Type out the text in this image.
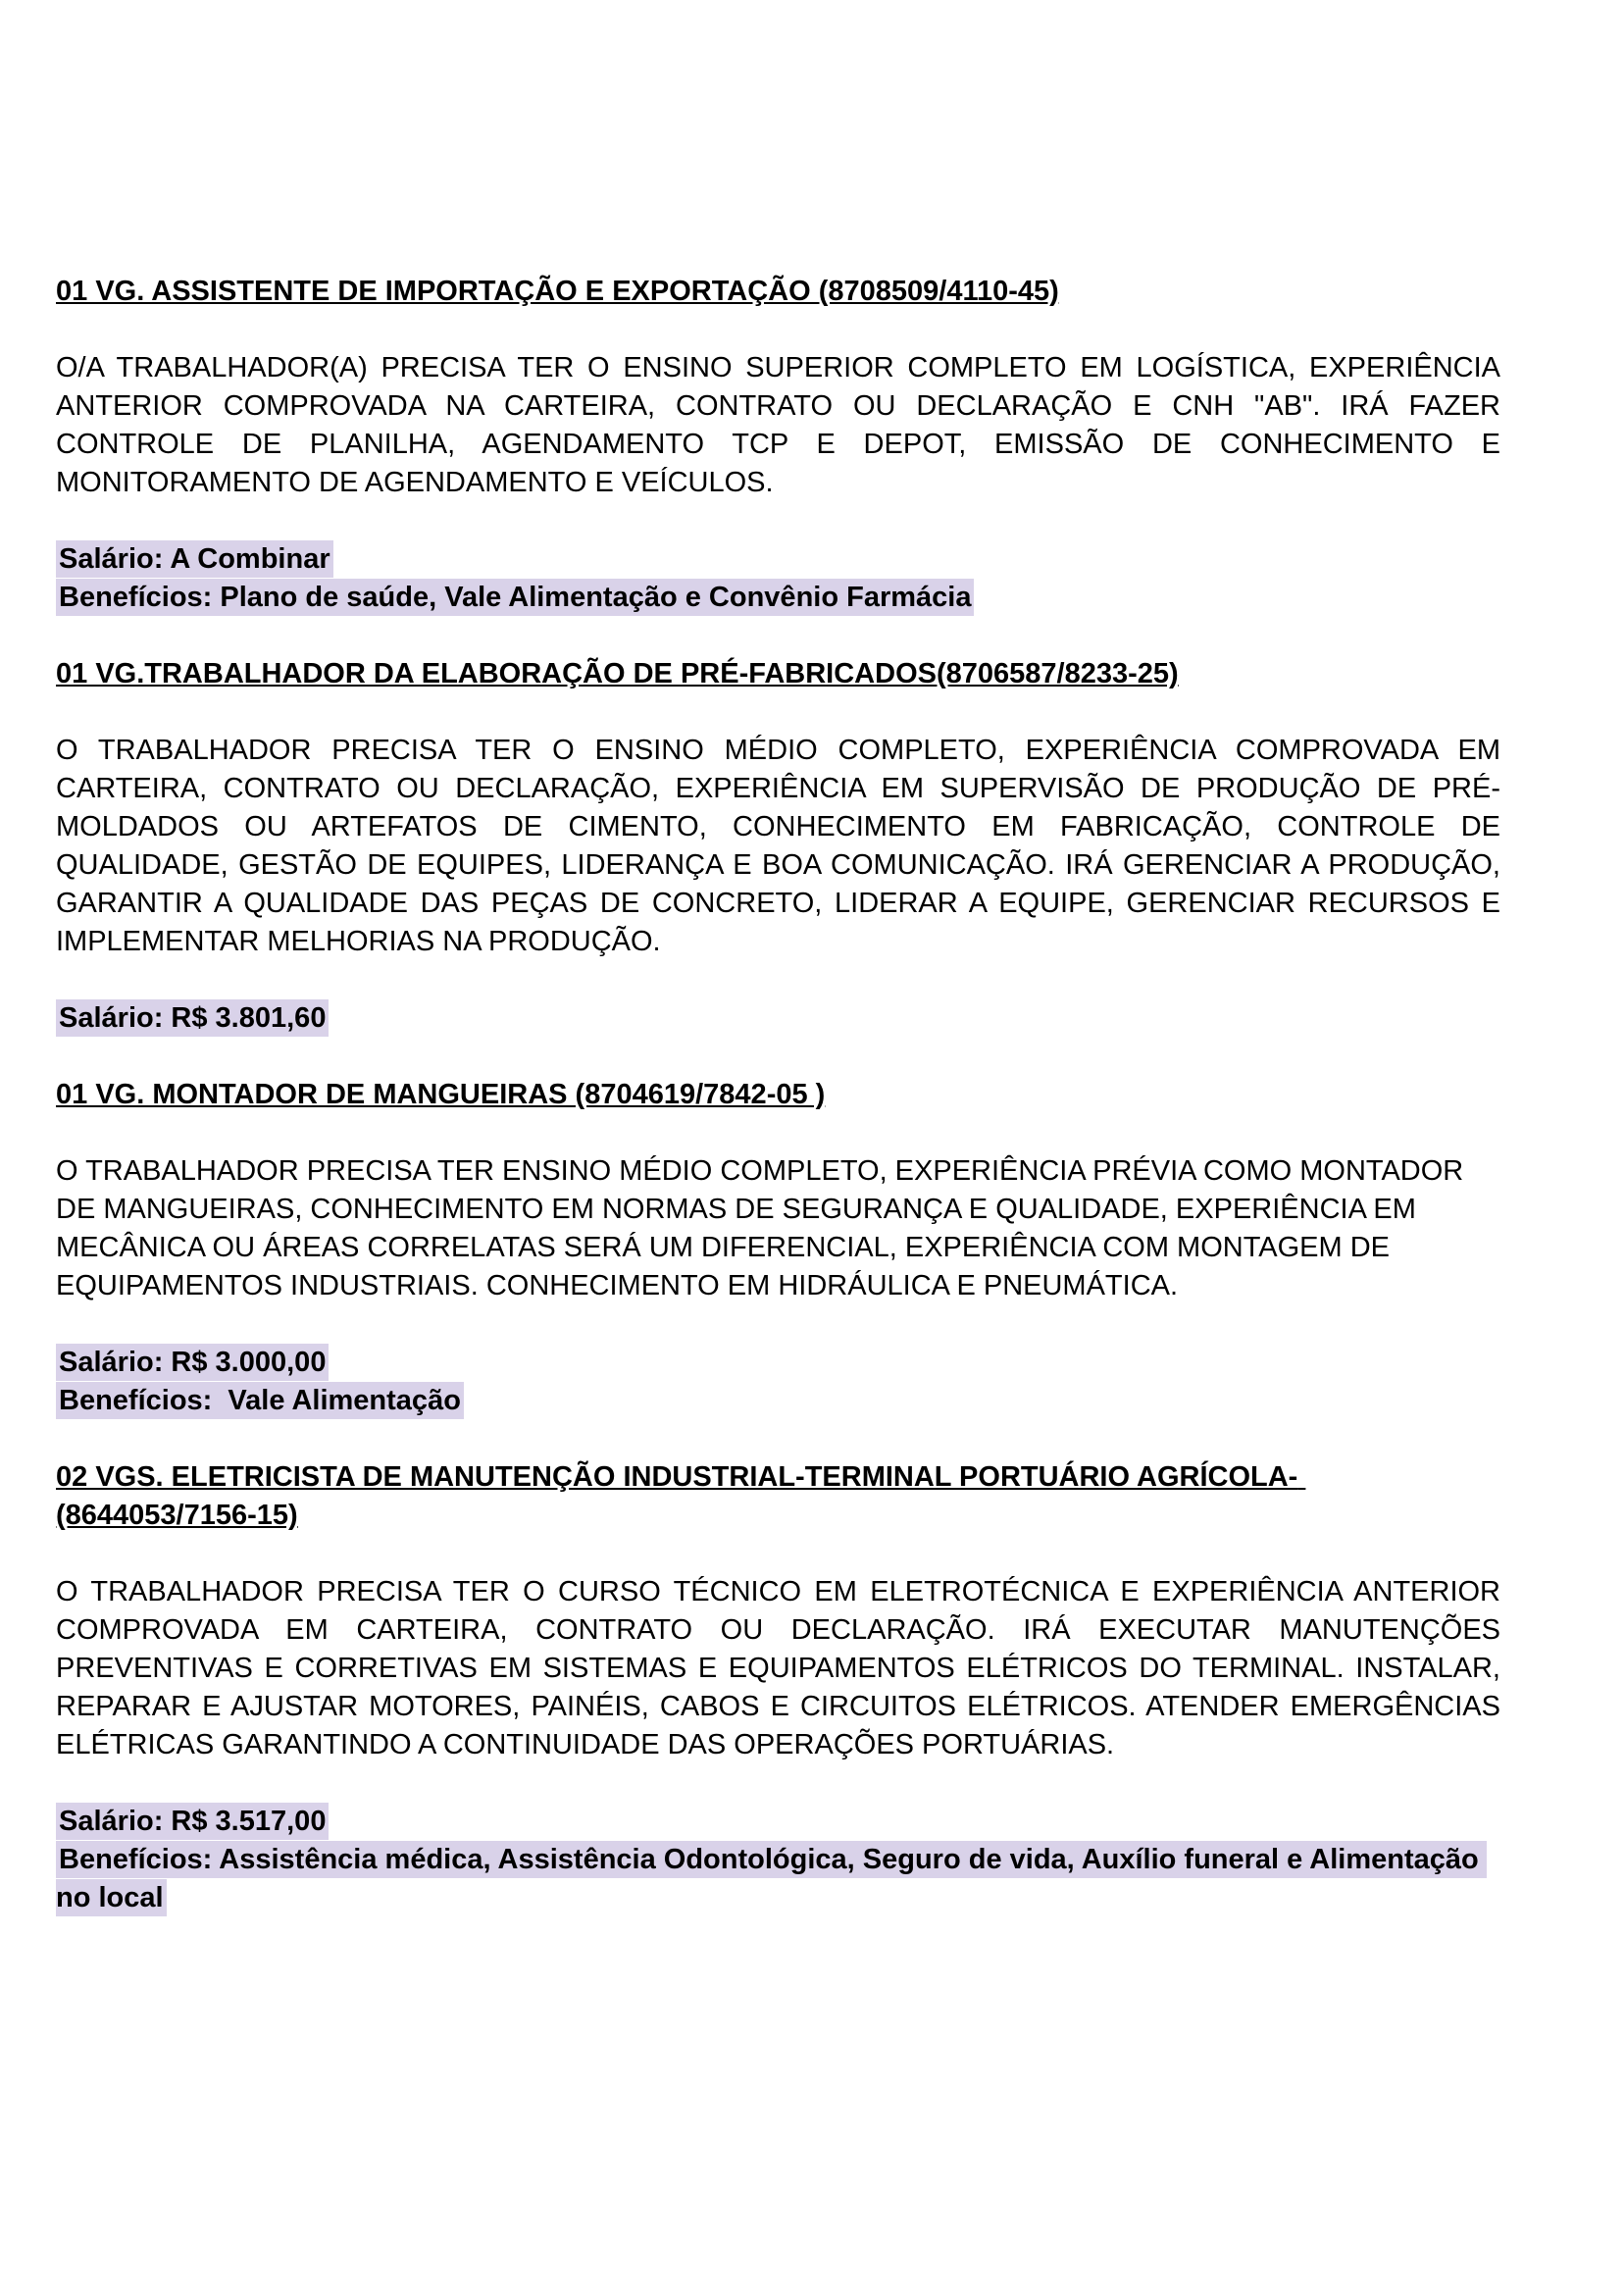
01 VG. ASSISTENTE DE IMPORTAÇÃO E EXPORTAÇÃO (8708509/4110-45)

O/A TRABALHADOR(A) PRECISA TER O ENSINO SUPERIOR COMPLETO EM LOGÍSTICA, EXPERIÊNCIA ANTERIOR COMPROVADA NA CARTEIRA, CONTRATO OU DECLARAÇÃO E CNH "AB". IRÁ FAZER CONTROLE DE PLANILHA, AGENDAMENTO TCP E DEPOT, EMISSÃO DE CONHECIMENTO E MONITORAMENTO DE AGENDAMENTO E VEÍCULOS.

Salário: A Combinar

Benefícios: Plano de saúde, Vale Alimentação e Convênio Farmácia

01 VG.TRABALHADOR DA ELABORAÇÃO DE PRÉ-FABRICADOS(8706587/8233-25)

O TRABALHADOR PRECISA TER O ENSINO MÉDIO COMPLETO, EXPERIÊNCIA COMPROVADA EM CARTEIRA, CONTRATO OU DECLARAÇÃO, EXPERIÊNCIA EM SUPERVISÃO DE PRODUÇÃO DE PRÉ-MOLDADOS OU ARTEFATOS DE CIMENTO, CONHECIMENTO EM FABRICAÇÃO, CONTROLE DE QUALIDADE, GESTÃO DE EQUIPES, LIDERANÇA E BOA COMUNICAÇÃO. IRÁ GERENCIAR A PRODUÇÃO, GARANTIR A QUALIDADE DAS PEÇAS DE CONCRETO, LIDERAR A EQUIPE, GERENCIAR RECURSOS E IMPLEMENTAR MELHORIAS NA PRODUÇÃO.

Salário: R$ 3.801,60

01 VG. MONTADOR DE MANGUEIRAS (8704619/7842-05 )

O TRABALHADOR PRECISA TER ENSINO MÉDIO COMPLETO, EXPERIÊNCIA PRÉVIA COMO MONTADOR DE MANGUEIRAS, CONHECIMENTO EM NORMAS DE SEGURANÇA E QUALIDADE, EXPERIÊNCIA EM MECÂNICA OU ÁREAS CORRELATAS SERÁ UM DIFERENCIAL, EXPERIÊNCIA COM MONTAGEM DE EQUIPAMENTOS INDUSTRIAIS. CONHECIMENTO EM HIDRÁULICA E PNEUMÁTICA.

Salário: R$ 3.000,00

Benefícios:  Vale Alimentação

02 VGS. ELETRICISTA DE MANUTENÇÃO INDUSTRIAL-TERMINAL PORTUÁRIO AGRÍCOLA- (8644053/7156-15)

O TRABALHADOR PRECISA TER O CURSO TÉCNICO EM ELETROTÉCNICA E EXPERIÊNCIA ANTERIOR COMPROVADA EM CARTEIRA, CONTRATO OU DECLARAÇÃO. IRÁ EXECUTAR MANUTENÇÕES PREVENTIVAS E CORRETIVAS EM SISTEMAS E EQUIPAMENTOS ELÉTRICOS DO TERMINAL. INSTALAR, REPARAR E AJUSTAR MOTORES, PAINÉIS, CABOS E CIRCUITOS ELÉTRICOS. ATENDER EMERGÊNCIAS ELÉTRICAS GARANTINDO A CONTINUIDADE DAS OPERAÇÕES PORTUÁRIAS.

Salário: R$ 3.517,00

Benefícios: Assistência médica, Assistência Odontológica, Seguro de vida, Auxílio funeral e Alimentação no local
